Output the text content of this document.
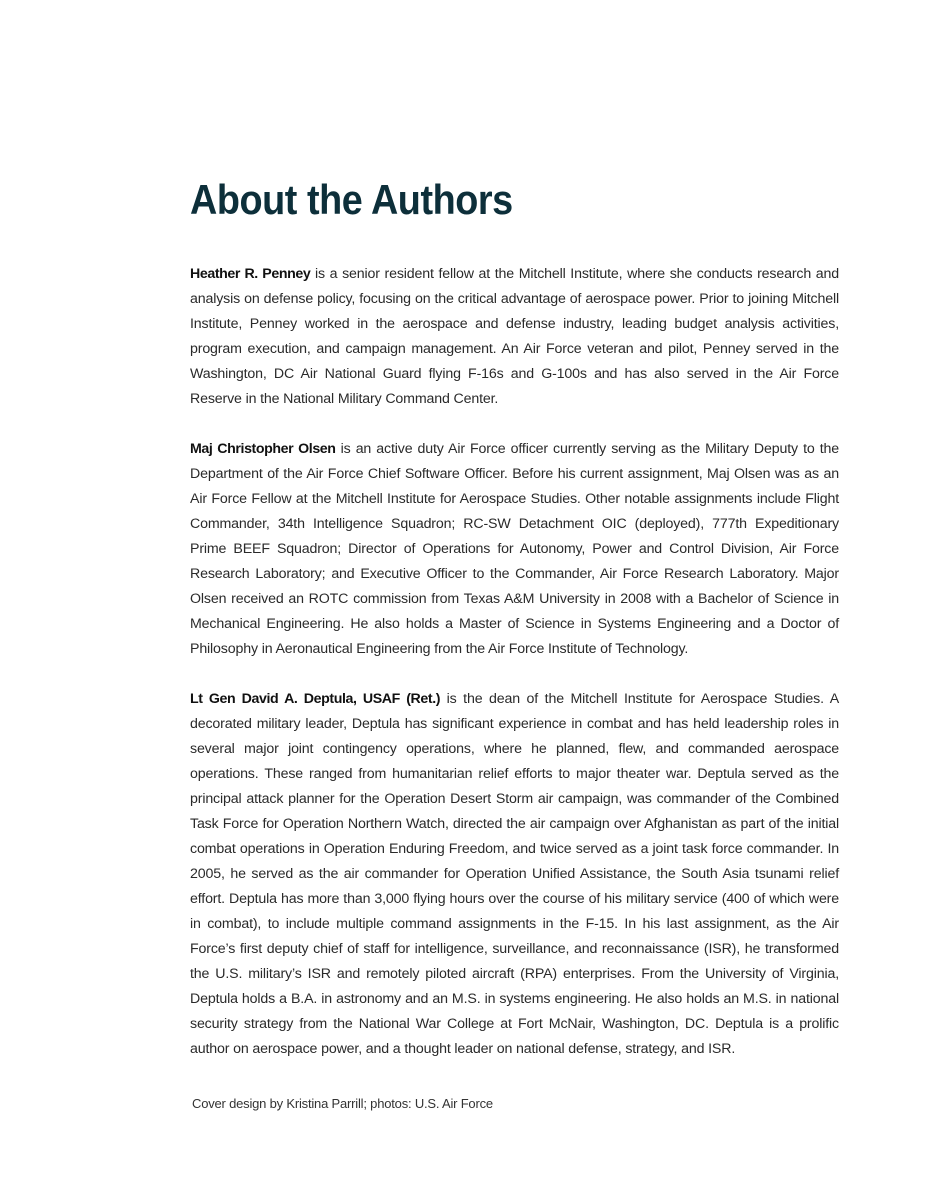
About the Authors

Heather R. Penney is a senior resident fellow at the Mitchell Institute, where she conducts research and analysis on defense policy, focusing on the critical advantage of aerospace power. Prior to joining Mitchell Institute, Penney worked in the aerospace and defense industry, leading budget analysis activities, program execution, and campaign management. An Air Force veteran and pilot, Penney served in the Washington, DC Air National Guard flying F-16s and G-100s and has also served in the Air Force Reserve in the National Military Command Center.

Maj Christopher Olsen is an active duty Air Force officer currently serving as the Military Deputy to the Department of the Air Force Chief Software Officer. Before his current assignment, Maj Olsen was as an Air Force Fellow at the Mitchell Institute for Aerospace Studies. Other notable assignments include Flight Commander, 34th Intelligence Squadron; RC-SW Detachment OIC (deployed), 777th Expeditionary Prime BEEF Squadron; Director of Operations for Autonomy, Power and Control Division, Air Force Research Laboratory; and Executive Officer to the Commander, Air Force Research Laboratory. Major Olsen received an ROTC commission from Texas A&M University in 2008 with a Bachelor of Science in Mechanical Engineering. He also holds a Master of Science in Systems Engineering and a Doctor of Philosophy in Aeronautical Engineering from the Air Force Institute of Technology.

Lt Gen David A. Deptula, USAF (Ret.) is the dean of the Mitchell Institute for Aerospace Studies. A decorated military leader, Deptula has significant experience in combat and has held leadership roles in several major joint contingency operations, where he planned, flew, and commanded aerospace operations. These ranged from humanitarian relief efforts to major theater war. Deptula served as the principal attack planner for the Operation Desert Storm air campaign, was commander of the Combined Task Force for Operation Northern Watch, directed the air campaign over Afghanistan as part of the initial combat operations in Operation Enduring Freedom, and twice served as a joint task force commander. In 2005, he served as the air commander for Operation Unified Assistance, the South Asia tsunami relief effort. Deptula has more than 3,000 flying hours over the course of his military service (400 of which were in combat), to include multiple command assignments in the F-15. In his last assignment, as the Air Force’s first deputy chief of staff for intelligence, surveillance, and reconnaissance (ISR), he transformed the U.S. military’s ISR and remotely piloted aircraft (RPA) enterprises. From the University of Virginia, Deptula holds a B.A. in astronomy and an M.S. in systems engineering. He also holds an M.S. in national security strategy from the National War College at Fort McNair, Washington, DC. Deptula is a prolific author on aerospace power, and a thought leader on national defense, strategy, and ISR.

Cover design by Kristina Parrill; photos: U.S. Air Force
